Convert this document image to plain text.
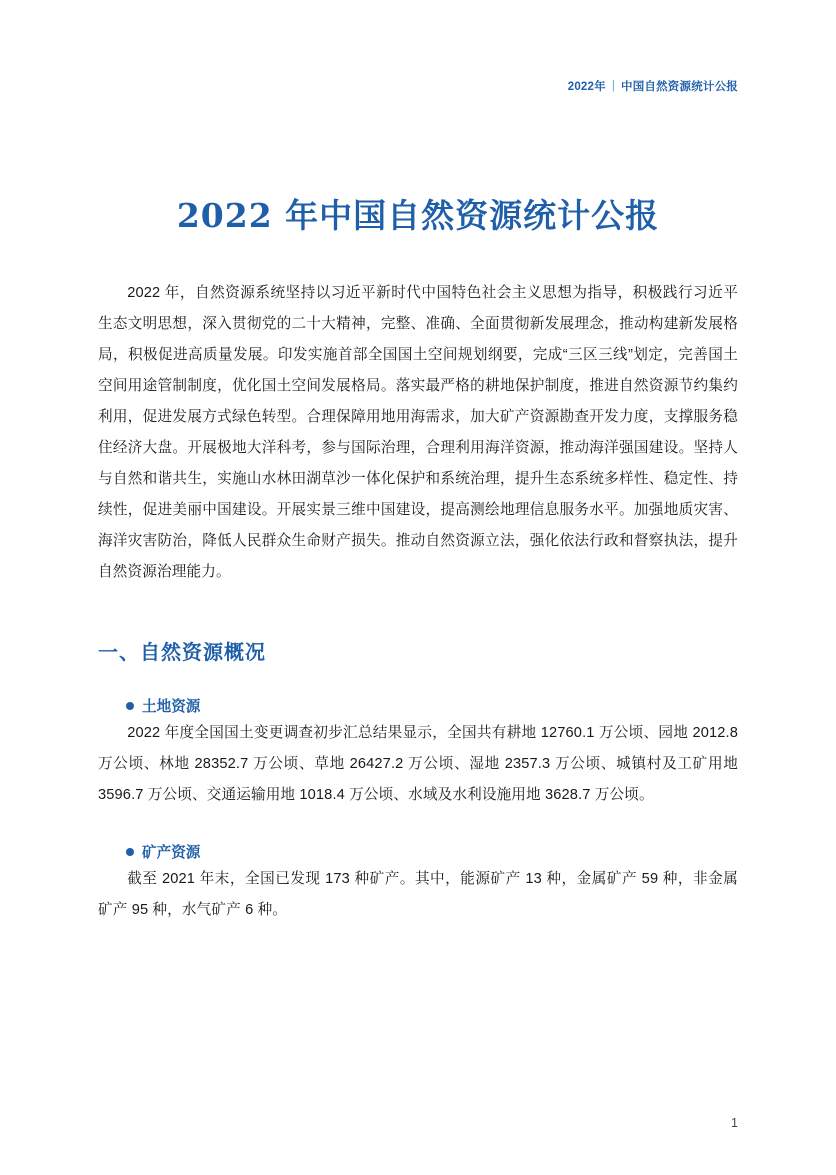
2022年 | 中国自然资源统计公报
2022 年中国自然资源统计公报

2022 年，自然资源系统坚持以习近平新时代中国特色社会主义思想为指导，积极践行习近平生态文明思想，深入贯彻党的二十大精神，完整、准确、全面贯彻新发展理念，推动构建新发展格局，积极促进高质量发展。印发实施首部全国国土空间规划纲要，完成“三区三线”划定，完善国土空间用途管制制度，优化国土空间发展格局。落实最严格的耕地保护制度，推进自然资源节约集约利用，促进发展方式绿色转型。合理保障用地用海需求，加大矿产资源勘查开发力度，支撑服务稳住经济大盘。开展极地大洋科考，参与国际治理，合理利用海洋资源，推动海洋强国建设。坚持人与自然和谐共生，实施山水林田湖草沙一体化保护和系统治理，提升生态系统多样性、稳定性、持续性，促进美丽中国建设。开展实景三维中国建设，提高测绘地理信息服务水平。加强地质灾害、海洋灾害防治，降低人民群众生命财产损失。推动自然资源立法，强化依法行政和督察执法，提升自然资源治理能力。

一、自然资源概况
土地资源

2022 年度全国国土变更调查初步汇总结果显示，全国共有耕地 12760.1 万公顷、园地 2012.8 万公顷、林地 28352.7 万公顷、草地 26427.2 万公顷、湿地 2357.3 万公顷、城镇村及工矿用地 3596.7 万公顷、交通运输用地 1018.4 万公顷、水域及水利设施用地 3628.7 万公顷。

矿产资源

截至 2021 年末，全国已发现 173 种矿产。其中，能源矿产 13 种，金属矿产 59 种，非金属矿产 95 种，水气矿产 6 种。

1
